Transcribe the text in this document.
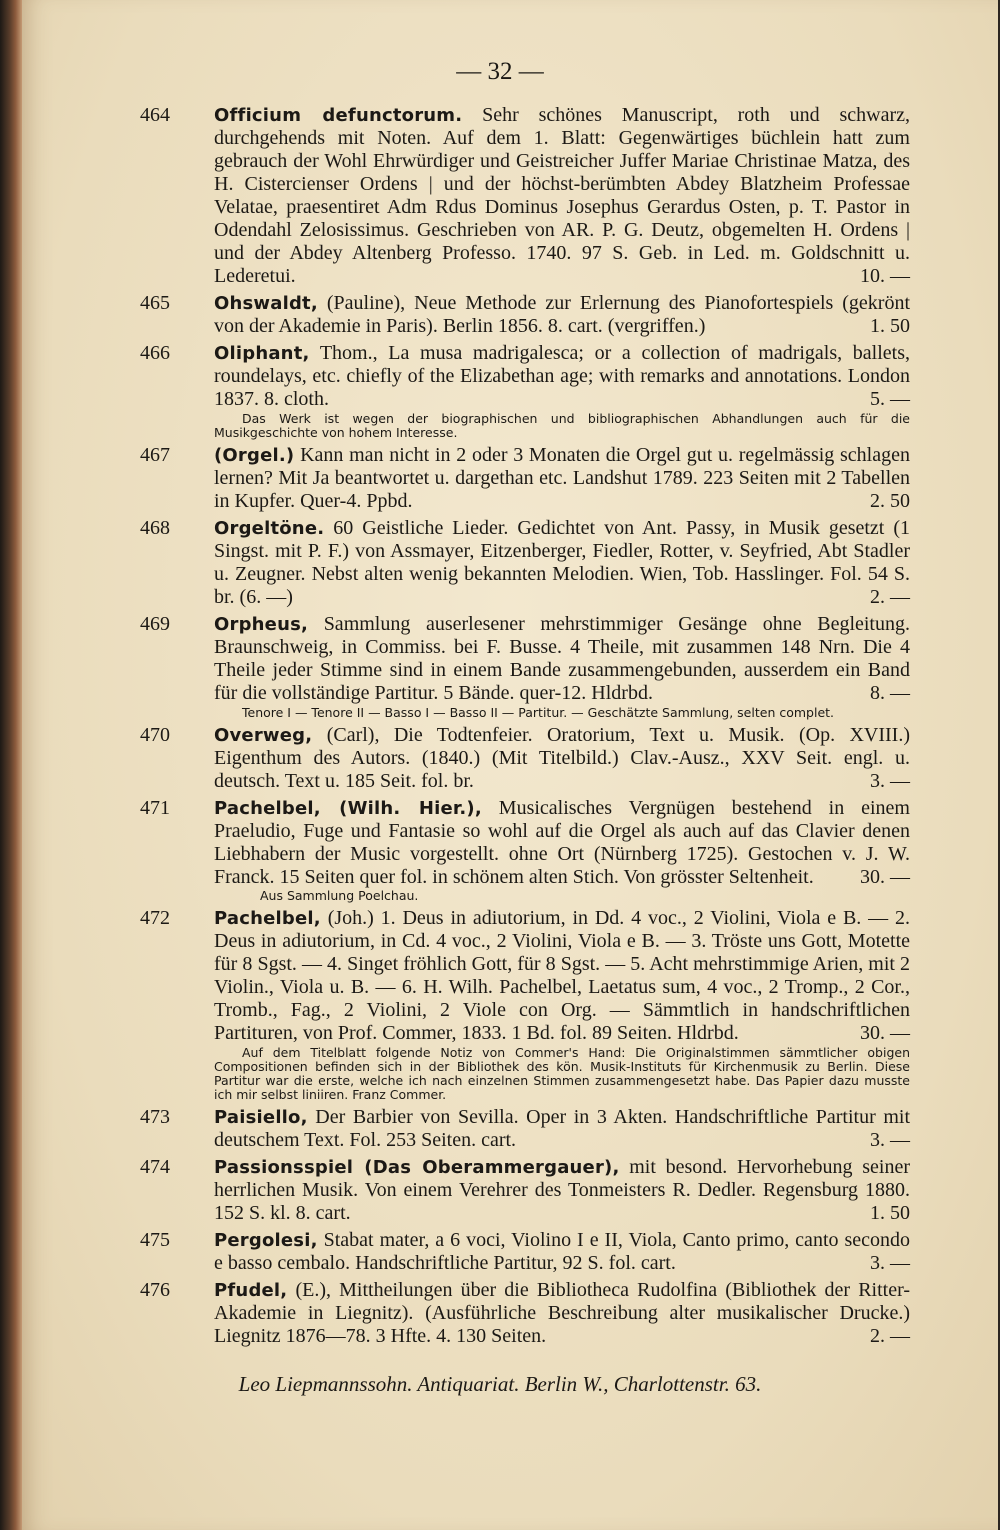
— 32 —
464	Officium defunctorum. Sehr schönes Manuscript, roth und schwarz, durchgehends mit Noten. Auf dem 1. Blatt: Gegenwärtiges büchlein hatt zum gebrauch der Wohl Ehrwürdiger und Geistreicher Juffer Mariae Christinae Matza, des H. Cistercienser Ordens | und der höchst-berümbten Abdey Blatzheim Professae Velatae, praesentiret Adm Rdus Dominus Josephus Gerardus Osten, p. T. Pastor in Odendahl Zelosissimus. Geschrieben von AR. P. G. Deutz, obgemelten H. Ordens | und der Abdey Altenberg Professo. 1740. 97 S. Geb. in Led. m. Goldschnitt u. Lederetui.	10. —
465	Ohswaldt, (Pauline), Neue Methode zur Erlernung des Pianofortespiels (gekrönt von der Akademie in Paris). Berlin 1856. 8. cart. (vergriffen.)	1. 50
466	Oliphant, Thom., La musa madrigalesca; or a collection of madrigals, ballets, roundelays, etc. chiefly of the Elizabethan age; with remarks and annotations. London 1837. 8. cloth.	5. —
Das Werk ist wegen der biographischen und bibliographischen Abhandlungen auch für die Musikgeschichte von hohem Interesse.
467	(Orgel.) Kann man nicht in 2 oder 3 Monaten die Orgel gut u. regelmässig schlagen lernen? Mit Ja beantwortet u. dargethan etc. Landshut 1789. 223 Seiten mit 2 Tabellen in Kupfer. Quer-4. Ppbd.	2. 50
468	Orgeltöne. 60 Geistliche Lieder. Gedichtet von Ant. Passy, in Musik gesetzt (1 Singst. mit P. F.) von Assmayer, Eitzenberger, Fiedler, Rotter, v. Seyfried, Abt Stadler u. Zeugner. Nebst alten wenig bekannten Melodien. Wien, Tob. Hasslinger. Fol. 54 S. br. (6. —)	2. —
469	Orpheus, Sammlung auserlesener mehrstimmiger Gesänge ohne Begleitung. Braunschweig, in Commiss. bei F. Busse. 4 Theile, mit zusammen 148 Nrn. Die 4 Theile jeder Stimme sind in einem Bande zusammengebunden, ausserdem ein Band für die vollständige Partitur. 5 Bände. quer-12. Hldrbd.	8. —
Tenore I — Tenore II — Basso I — Basso II — Partitur. — Geschätzte Sammlung, selten complet.
470	Overweg, (Carl), Die Todtenfeier. Oratorium, Text u. Musik. (Op. XVIII.) Eigenthum des Autors. (1840.) (Mit Titelbild.) Clav.-Ausz., XXV Seit. engl. u. deutsch. Text u. 185 Seit. fol. br.	3. —
471	Pachelbel, (Wilh. Hier.), Musicalisches Vergnügen bestehend in einem Praeludio, Fuge und Fantasie so wohl auf die Orgel als auch auf das Clavier denen Liebhabern der Music vorgestellt. ohne Ort (Nürnberg 1725). Gestochen v. J. W. Franck. 15 Seiten quer fol. in schönem alten Stich. Von grösster Seltenheit.	30. —
Aus Sammlung Poelchau.
472	Pachelbel, (Joh.) 1. Deus in adiutorium, in Dd. 4 voc., 2 Violini, Viola e B. — 2. Deus in adiutorium, in Cd. 4 voc., 2 Violini, Viola e B. — 3. Tröste uns Gott, Motette für 8 Sgst. — 4. Singet fröhlich Gott, für 8 Sgst. — 5. Acht mehrstimmige Arien, mit 2 Violin., Viola u. B. — 6. H. Wilh. Pachelbel, Laetatus sum, 4 voc., 2 Tromp., 2 Cor., Tromb., Fag., 2 Violini, 2 Viole con Org. — Sämmtlich in handschriftlichen Partituren, von Prof. Commer, 1833. 1 Bd. fol. 89 Seiten. Hldrbd.	30. —
Auf dem Titelblatt folgende Notiz von Commer's Hand: Die Originalstimmen sämmtlicher obigen Compositionen befinden sich in der Bibliothek des kön. Musik-Instituts für Kirchenmusik zu Berlin. Diese Partitur war die erste, welche ich nach einzelnen Stimmen zusammengesetzt habe. Das Papier dazu musste ich mir selbst liniiren. Franz Commer.
473	Paisiello, Der Barbier von Sevilla. Oper in 3 Akten. Handschriftliche Partitur mit deutschem Text. Fol. 253 Seiten. cart.	3. —
474	Passionsspiel (Das Oberammergauer), mit besond. Hervorhebung seiner herrlichen Musik. Von einem Verehrer des Tonmeisters R. Dedler. Regensburg 1880. 152 S. kl. 8. cart.	1. 50
475	Pergolesi, Stabat mater, a 6 voci, Violino I e II, Viola, Canto primo, canto secondo e basso cembalo. Handschriftliche Partitur, 92 S. fol. cart.	3. —
476	Pfudel, (E.), Mittheilungen über die Bibliotheca Rudolfina (Bibliothek der Ritter-Akademie in Liegnitz). (Ausführliche Beschreibung alter musikalischer Drucke.) Liegnitz 1876—78. 3 Hfte. 4. 130 Seiten.	2. —
Leo Liepmannssohn. Antiquariat. Berlin W., Charlottenstr. 63.
